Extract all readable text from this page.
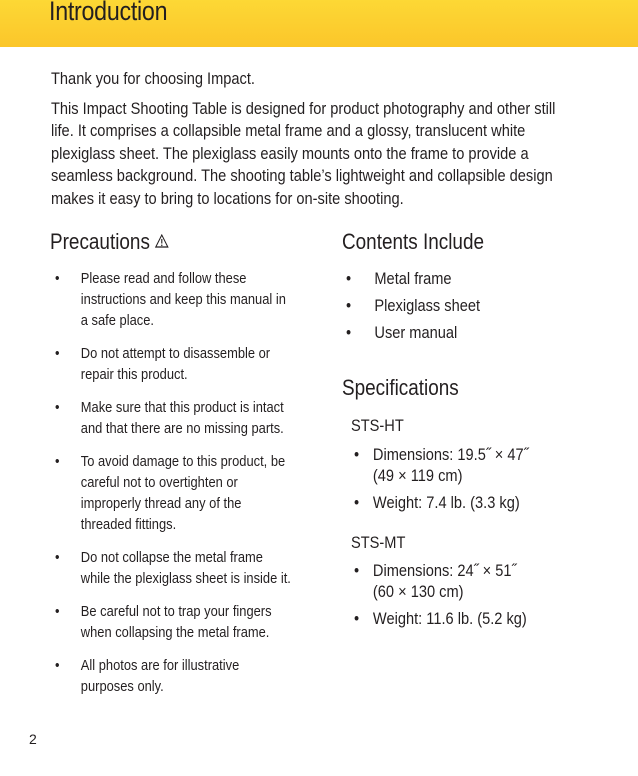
Introduction

Thank you for choosing Impact.

This Impact Shooting Table is designed for product photography and other still life. It comprises a collapsible metal frame and a glossy, translucent white plexiglass sheet. The plexiglass easily mounts onto the frame to provide a seamless background. The shooting table’s lightweight and collapsible design makes it easy to bring to locations for on-site shooting.

Precautions
• Please read and follow these instructions and keep this manual in a safe place.
• Do not attempt to disassemble or repair this product.
• Make sure that this product is intact and that there are no missing parts.
• To avoid damage to this product, be careful not to overtighten or improperly thread any of the threaded fittings.
• Do not collapse the metal frame while the plexiglass sheet is inside it.
• Be careful not to trap your fingers when collapsing the metal frame.
• All photos are for illustrative purposes only.
Contents Include
• Metal frame
• Plexiglass sheet
• User manual
Specifications
STS-HT
• Dimensions: 19.5˝ × 47˝ (49 × 119 cm)
• Weight: 7.4 lb. (3.3 kg)
STS-MT
• Dimensions: 24˝ × 51˝ (60 × 130 cm)
• Weight: 11.6 lb. (5.2 kg)
2
